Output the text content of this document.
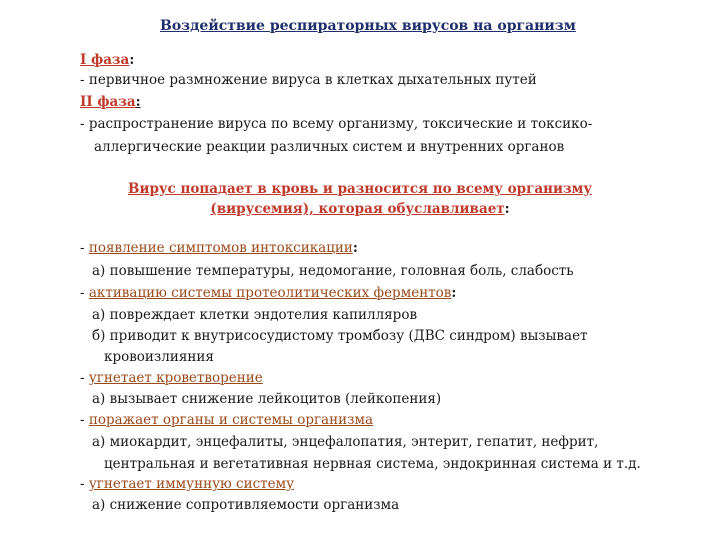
Воздействие респираторных вирусов на организм
I фаза:
- первичное размножение вируса в клетках дыхательных путей
II фаза:
- распространение вируса по всему организму, токсические и токсико-
аллергические реакции различных систем и внутренних органов
Вирус попадает в кровь и разносится по всему организму
(вирусемия), которая обуславливает:
- появление симптомов интоксикации:
а) повышение температуры, недомогание, головная боль, слабость
- активацию системы протеолитических ферментов:
а) повреждает клетки эндотелия капилляров
б) приводит к внутрисосудистому тромбозу (ДВС синдром) вызывает
кровоизлияния
- угнетает кроветворение
а) вызывает снижение лейкоцитов (лейкопения)
- поражает органы и системы организма
а) миокардит, энцефалиты, энцефалопатия, энтерит, гепатит, нефрит,
центральная и вегетативная нервная система, эндокринная система и т.д.
- угнетает иммунную систему
а) снижение сопротивляемости организма
